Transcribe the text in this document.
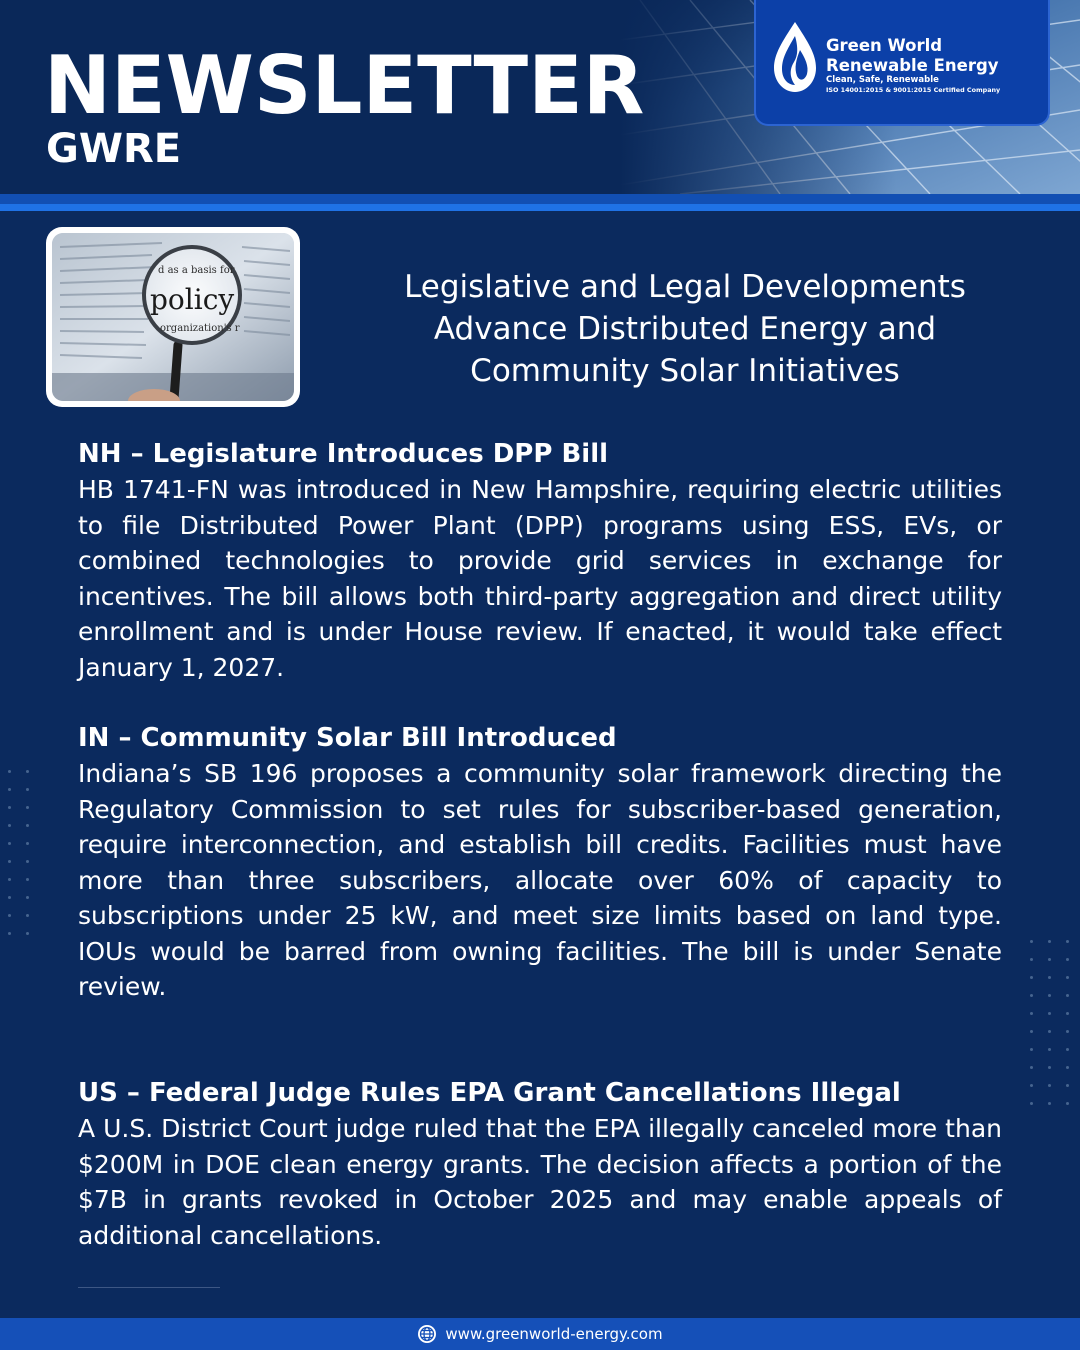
NEWSLETTER
GWRE
Green World
Renewable Energy
Clean, Safe, Renewable
ISO 14001:2015 & 9001:2015 Certified Company
d as a basis for
policy
organization's r
Legislative and Legal Developments
Advance Distributed Energy and
Community Solar Initiatives
NH – Legislature Introduces DPP Bill
HB 1741-FN was introduced in New Hampshire, requiring electric utilities to file Distributed Power Plant (DPP) programs using ESS, EVs, or combined technologies to provide grid services in exchange for incentives. The bill allows both third-party aggregation and direct utility enrollment and is under House review. If enacted, it would take effect January 1, 2027.
IN – Community Solar Bill Introduced
Indiana’s SB 196 proposes a community solar framework directing the Regulatory Commission to set rules for subscriber-based generation, require interconnection, and establish bill credits. Facilities must have more than three subscribers, allocate over 60% of capacity to subscriptions under 25 kW, and meet size limits based on land type. IOUs would be barred from owning facilities. The bill is under Senate review.
US – Federal Judge Rules EPA Grant Cancellations Illegal
A U.S. District Court judge ruled that the EPA illegally canceled more than $200M in DOE clean energy grants. The decision affects a portion of the $7B in grants revoked in October 2025 and may enable appeals of additional cancellations.
www.greenworld-energy.com
